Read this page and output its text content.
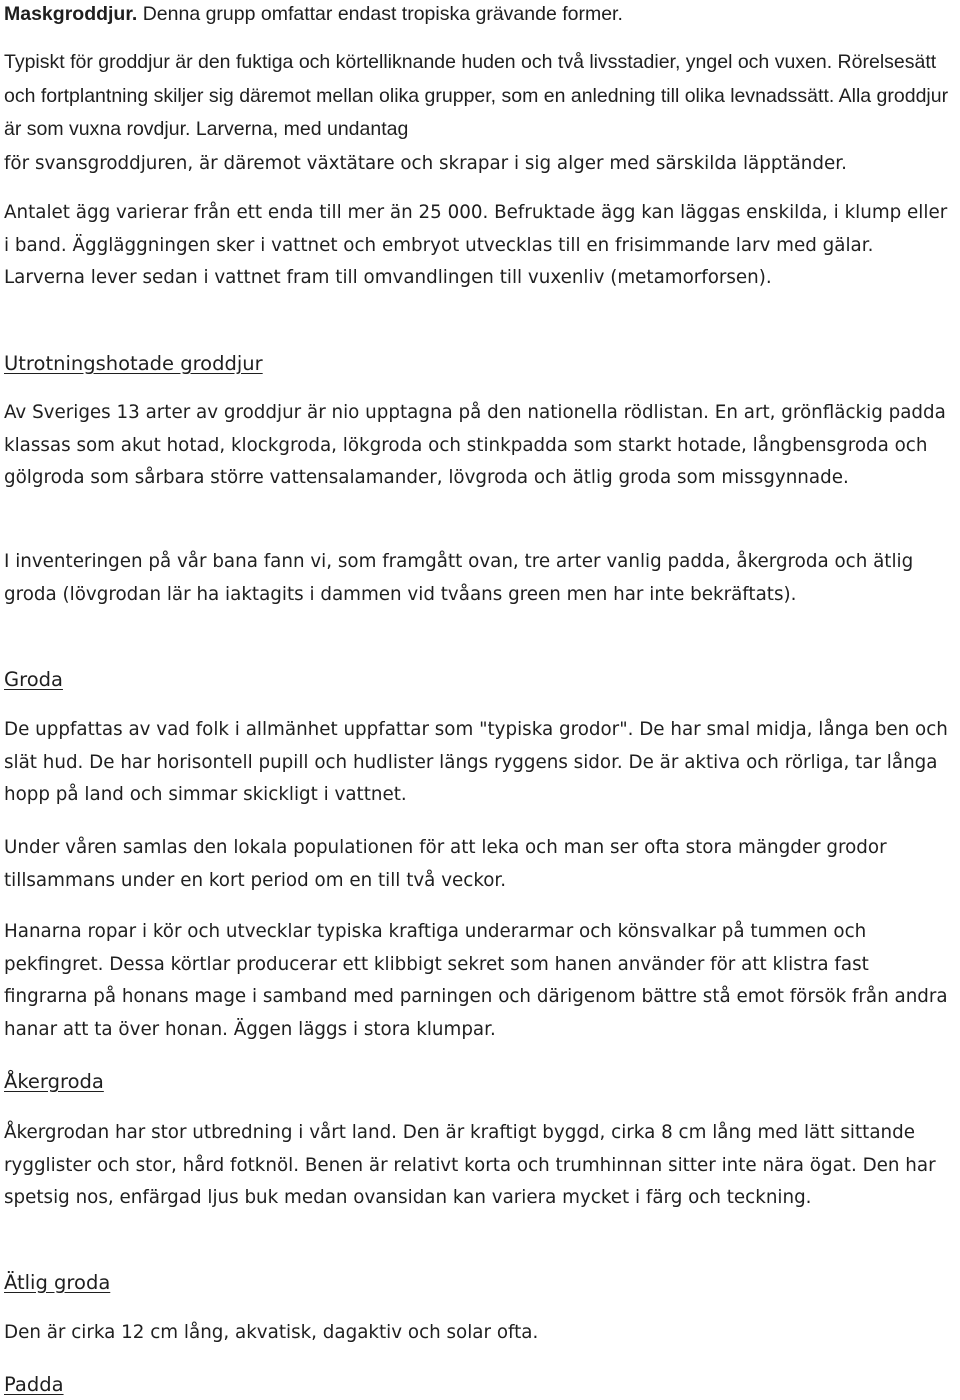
Maskgroddjur. Denna grupp omfattar endast tropiska grävande former.

Typiskt för groddjur är den fuktiga och körtelliknande huden och två livsstadier, yngel och vuxen. Rörelsesätt och fortplantning skiljer sig däremot mellan olika grupper, som en anledning till olika levnadssätt. Alla groddjur är som vuxna rovdjur. Larverna, med undantag
för svansgroddjuren, är däremot växtätare och skrapar i sig alger med särskilda läpptänder.

Antalet ägg varierar från ett enda till mer än 25 000. Befruktade ägg kan läggas enskilda, i klump eller i band. Äggläggningen sker i vattnet och embryot utvecklas till en frisimmande larv med gälar. Larverna lever sedan i vattnet fram till omvandlingen till vuxenliv (metamorforsen).

Utrotningshotade groddjur

Av Sveriges 13 arter av groddjur är nio upptagna på den nationella rödlistan. En art, grönfläckig padda klassas som akut hotad, klockgroda, lökgroda och stinkpadda som starkt hotade, långbensgroda och gölgroda som sårbara större vattensalamander, lövgroda och ätlig groda som missgynnade.

I inventeringen på vår bana fann vi, som framgått ovan, tre arter vanlig padda, åkergroda och ätlig groda (lövgrodan lär ha iaktagits i dammen vid tvåans green men har inte bekräftats).

Groda

De uppfattas av vad folk i allmänhet uppfattar som "typiska grodor". De har smal midja, långa ben och slät hud. De har horisontell pupill och hudlister längs ryggens sidor. De är aktiva och rörliga, tar långa hopp på land och simmar skickligt i vattnet.

Under våren samlas den lokala populationen för att leka och man ser ofta stora mängder grodor tillsammans under en kort period om en till två veckor.

Hanarna ropar i kör och utvecklar typiska kraftiga underarmar och könsvalkar på tummen och pekfingret. Dessa körtlar producerar ett klibbigt sekret som hanen använder för att klistra fast fingrarna på honans mage i samband med parningen och därigenom bättre stå emot försök från andra hanar att ta över honan. Äggen läggs i stora klumpar.

Åkergroda

Åkergrodan har stor utbredning i vårt land. Den är kraftigt byggd, cirka 8 cm lång med lätt sittande rygglister och stor, hård fotknöl. Benen är relativt korta och trumhinnan sitter inte nära ögat. Den har spetsig nos, enfärgad ljus buk medan ovansidan kan variera mycket i färg och teckning.

Ätlig groda

Den är cirka 12 cm lång, akvatisk, dagaktiv och solar ofta.

Padda
